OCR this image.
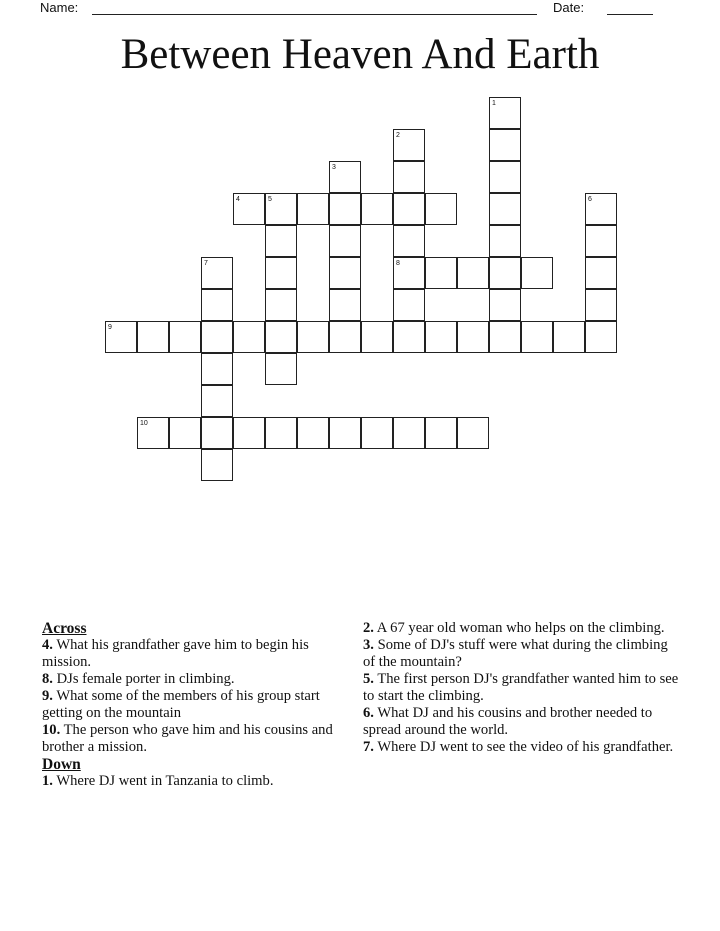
Name:	Date:
Between Heaven And Earth
1
2
3
4	5	6
7	8
9
10
Across
4. What his grandfather gave him to begin his mission.
8. DJs female porter in climbing.
9. What some of the members of his group start getting on the mountain
10. The person who gave him and his cousins and brother a mission.
Down
1. Where DJ went in Tanzania to climb.
2. A 67 year old woman who helps on the climbing.
3. Some of DJ's stuff were what during the climbing of the mountain?
5. The first person DJ's grandfather wanted him to see to start the climbing.
6. What DJ and his cousins and brother needed to spread around the world.
7. Where DJ went to see the video of his grandfather.
